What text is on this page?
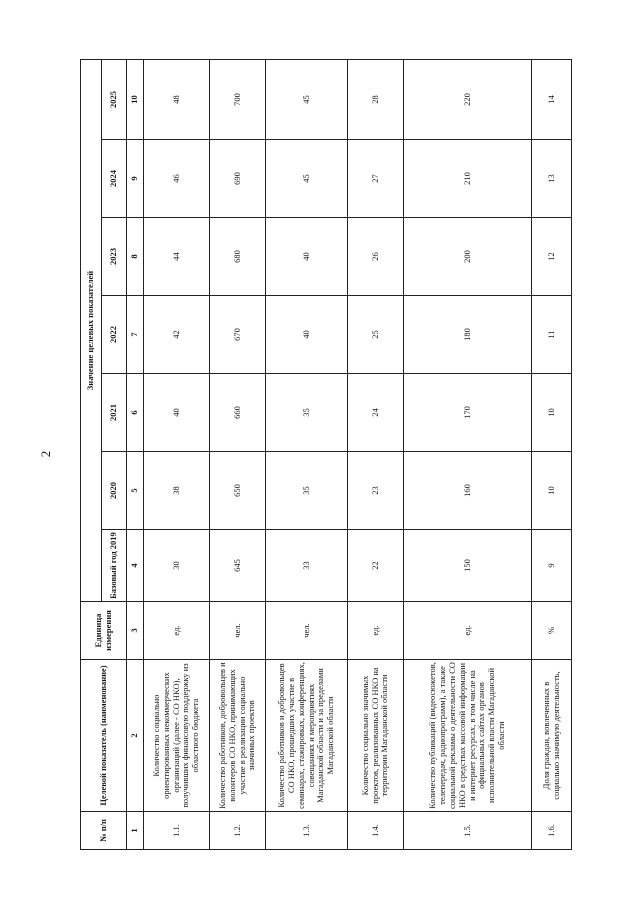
2
№ п/п	Целевой показатель (наименование)	Единица измерения	Значение целевых показателей						
			Базовый год 2019	2020	2021	2022	2023	2024	2025
1	2	3	4	5	6	7	8	9	10
1.1.	Количество социально ориентированных некоммерческих организаций (далее - СО НКО), получивших финансовую поддержку из областного бюджета	ед.	30	38	40	42	44	46	48
1.2.	Количество работников, добровольцев и волонтеров СО НКО, принимающих участие в реализации социально значимых проектов	чел.	645	650	660	670	680	690	700
1.3.	Количество работников и добровольцев СО НКО, прошедших участие в семинарах, стажировках, конференциях, совещаниях и мероприятиях Магаданской области и за пределами Магаданской области	чел.	33	35	35	40	40	45	45
1.4.	Количество социально значимых проектов, реализованных СО НКО на территории Магаданской области	ед.	22	23	24	25	26	27	28
1.5.	Количество публикаций (видеосюжетов, телепередач, радиопрограмм), а также социальной рекламы о деятельности СО НКО в средствах массовой информации и интернет ресурсах, в том числе на официальных сайтах органов исполнительной власти Магаданской области	ед.	150	160	170	180	200	210	220
1.6.	Доля граждан, вовлеченных в социально значимую деятельность,	%	9	10	10	11	12	13	14
